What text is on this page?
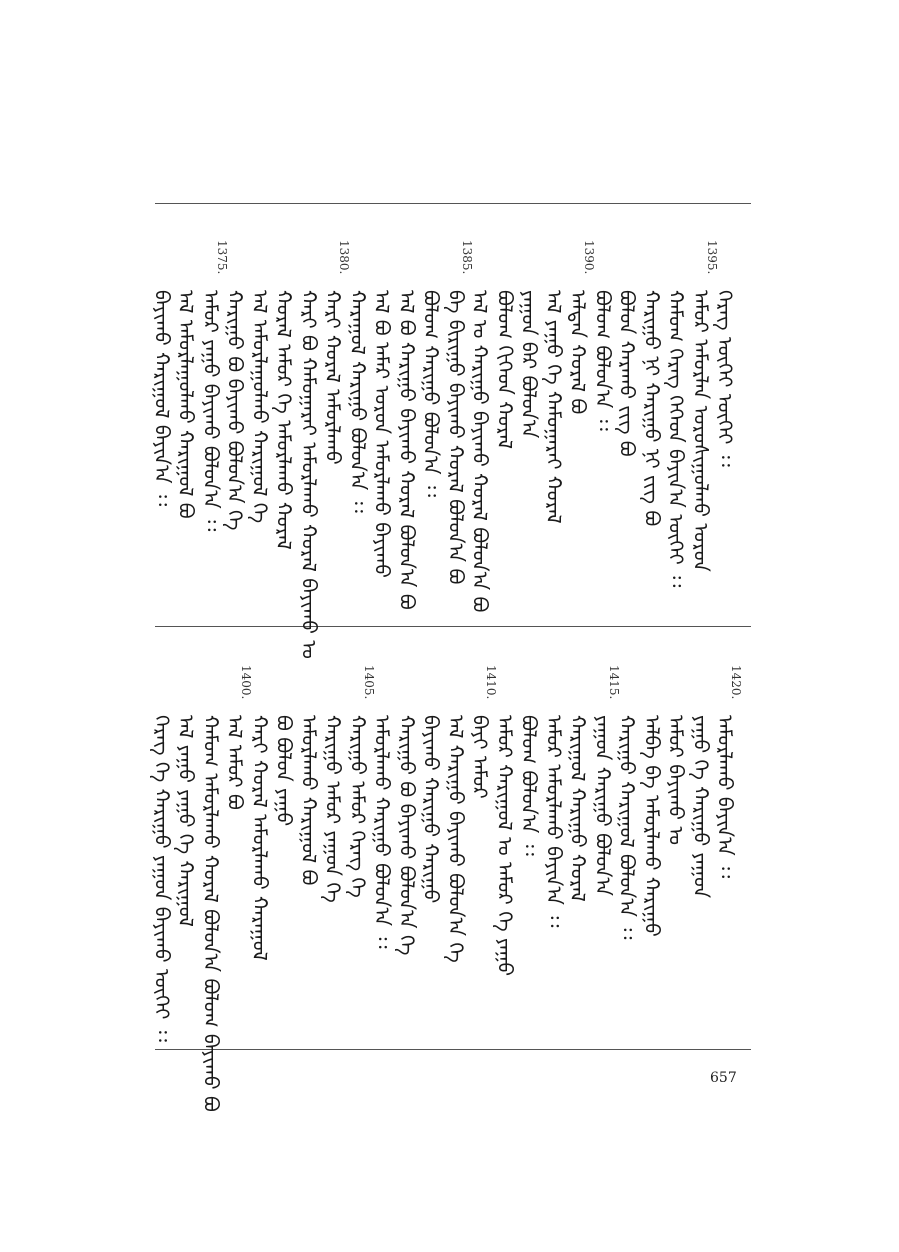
ᠬᠡᠷᠡᠭ ᠦᠭᠡᠢ ᠦᠭᠡᠢ ᠄᠄
1395.
ᠠᠮᠤᠷ ᠠᠮᠤᠷᠯᠠᠨ ᠣᠷᠤᠰᠢᠭᠤᠯᠬᠤ ᠣᠷᠤᠨ
ᠬᠠᠮᠤᠭ ᠬᠡᠷᠡᠭ ᠬᠡᠭᠡᠳ ᠪᠠᠶᠢᠨ᠎ᠠ ᠦᠭᠡᠢ ᠄᠄
ᠬᠠᠷᠢᠭᠤ ᠨᠢ ᠬᠠᠷᠢᠭᠤ ᠨᠢ ᠵᠢᠭ ᠪᠣ
ᠪᠣᠯᠤᠨ ᠬᠠᠷᠠᠬᠤ ᠵᠢᠭ ᠪᠣ
ᠪᠣᠯᠤᠭ ᠪᠣᠯᠤᠨ᠎ᠠ ᠄᠄
1390.
ᠠᠯᠳᠠᠨ ᠬᠤᠷᠠᠯ ᠪᠣ
ᠠᠯ ᠶᠠᠭᠤ ᠬᠡ ᠬᠠᠮᠤᠭᠠᠷᠠᠢ ᠬᠤᠷᠠᠯ
ᠶᠠᠭᠤᠨ ᠪᠠᠷ ᠪᠣᠯᠤᠨ᠎ᠠ
ᠪᠣᠯᠤᠭ ᠬᠢᠭᠡᠳ ᠬᠤᠷᠠᠯ
ᠠᠯ ᠣ ᠬᠠᠷᠢᠭᠤ ᠪᠠᠶᠢᠬᠤ ᠬᠤᠷᠠᠯ ᠪᠣᠯᠤᠨ᠎ᠠ ᠪᠣ
1385.
ᠪᠠ ᠪᠢᠷᠢᠭᠤ ᠪᠠᠶᠢᠬᠤ ᠬᠤᠷᠠᠯ ᠪᠣᠯᠤᠨ᠎ᠠ ᠪᠣ
ᠪᠣᠯᠤᠭ ᠬᠠᠷᠢᠭᠤ ᠪᠣᠯᠤᠨ᠎ᠠ ᠄᠄
ᠠᠯ ᠪᠣ ᠬᠠᠷᠢᠭᠤ ᠪᠠᠶᠢᠬᠤ ᠬᠤᠷᠠᠯ ᠪᠣᠯᠤᠨ᠎ᠠ ᠪᠣ
ᠠᠯ ᠪᠣ ᠠᠮᠠᠷ ᠣᠷᠤᠨ ᠠᠮᠤᠷᠯᠠᠬᠤ ᠪᠠᠶᠢᠬᠤ
ᠬᠠᠷᠠᠭᠤᠯ ᠬᠠᠷᠢᠭᠤ ᠪᠣᠯᠤᠨ᠎ᠠ ᠄᠄
1380.
ᠬᠠᠷᠢ ᠬᠤᠷᠠᠯ ᠠᠮᠤᠷᠯᠠᠬᠤ
ᠬᠠᠷᠢ ᠪᠣ ᠬᠠᠮᠤᠭᠠᠷᠠᠢ ᠠᠮᠤᠷᠯᠠᠬᠤ ᠬᠤᠷᠠᠯ ᠪᠠᠶᠢᠬᠤ ᠣ
ᠬᠤᠷᠠᠯ ᠠᠮᠤᠷ ᠬᠡ ᠠᠮᠤᠷᠯᠠᠬᠤ ᠬᠤᠷᠠᠯ
ᠠᠯ ᠠᠮᠤᠷᠯᠠᠭᠤᠯᠬᠤ ᠬᠠᠷᠢᠭᠤᠯ ᠬᠡ
ᠬᠠᠷᠢᠭᠤ ᠪᠣ ᠪᠠᠶᠢᠬᠤ ᠪᠣᠯᠤᠨ᠎ᠠ ᠬᠡ
1375.
ᠠᠮᠤᠷ ᠶᠠᠭᠤ ᠪᠠᠶᠢᠬᠤ ᠪᠣᠯᠤᠨ᠎ᠠ ᠄᠄
ᠠᠯ ᠠᠮᠤᠷᠯᠠᠭᠤᠯᠬᠤ ᠬᠠᠷᠢᠭᠤᠯ ᠪᠣ
ᠪᠠᠶᠢᠬᠤ ᠬᠠᠷᠢᠭᠤᠯ ᠪᠠᠶᠢᠨ᠎ᠠ ᠄᠄
1420.
ᠠᠮᠤᠷᠯᠠᠬᠤ ᠪᠠᠶᠢᠨ᠎ᠠ ᠄᠄
ᠶᠠᠭᠤ ᠬᠡ ᠬᠠᠷᠢᠭᠤ ᠶᠠᠭᠤᠨ
ᠠᠮᠤᠷ ᠪᠠᠶᠢᠬᠤ ᠣ
ᠠᠯᠪᠠ ᠪᠠ ᠠᠮᠤᠷᠯᠠᠬᠤ ᠬᠠᠷᠢᠭᠤ
ᠬᠠᠷᠢᠭᠤ ᠬᠠᠷᠢᠭᠤᠯ ᠪᠣᠯᠤᠨ᠎ᠠ ᠄᠄
1415.
ᠶᠠᠭᠤᠨ ᠬᠠᠷᠢᠭᠤ ᠪᠣᠯᠤᠨ᠎ᠠ
ᠬᠠᠷᠢᠭᠤᠯ ᠬᠠᠷᠢᠭᠤ ᠬᠤᠷᠠᠯ
ᠠᠮᠤᠷ ᠠᠮᠤᠷᠯᠠᠬᠤ ᠪᠠᠶᠢᠨ᠎ᠠ ᠄᠄
ᠪᠣᠯᠤᠭ ᠪᠣᠯᠤᠨ᠎ᠠ ᠄᠄
ᠠᠮᠤᠷ ᠬᠠᠷᠢᠭᠤᠯ ᠣ ᠠᠮᠤᠷ ᠬᠡ ᠶᠠᠭᠤ
1410.
ᠪᠠᠶᠢ ᠠᠮᠤᠷ
ᠠᠯ ᠬᠠᠷᠢᠭᠤ ᠪᠠᠶᠢᠬᠤ ᠪᠣᠯᠤᠨ᠎ᠠ ᠬᠡ
ᠪᠠᠶᠢᠬᠤ ᠬᠠᠷᠢᠭᠤ ᠬᠠᠷᠢᠭᠤ
ᠬᠠᠷᠢᠭᠤ ᠪᠣ ᠪᠠᠶᠢᠬᠤ ᠪᠣᠯᠤᠨ᠎ᠠ ᠬᠡ
ᠠᠮᠤᠷᠯᠠᠬᠤ ᠬᠠᠷᠢᠭᠤ ᠪᠣᠯᠤᠨ᠎ᠠ ᠄᠄
1405.
ᠬᠠᠷᠢᠭᠤ ᠠᠮᠤᠷ ᠬᠡᠷᠡᠭ ᠬᠡ
ᠬᠠᠷᠢᠭᠤ ᠠᠮᠤᠷ ᠶᠠᠭᠤᠨ ᠬᠡ
ᠠᠮᠤᠷᠯᠠᠬᠤ ᠬᠠᠷᠢᠭᠤᠯ ᠪᠣ
ᠪᠣ ᠪᠣᠯᠤᠨ ᠶᠠᠭᠤ
ᠬᠠᠷᠢ ᠬᠤᠷᠠᠯ ᠠᠮᠤᠷᠯᠠᠬᠤ ᠬᠠᠷᠠᠭᠤᠯ
1400.
ᠠᠯ ᠠᠮᠤᠷ ᠪᠣ
ᠬᠠᠮᠤᠭ ᠠᠮᠤᠷᠯᠠᠬᠤ ᠬᠤᠷᠠᠯ ᠪᠣᠯᠤᠨ᠎ᠠ ᠪᠣᠯᠤᠭ ᠪᠠᠶᠢᠬᠤ ᠪᠣ
ᠠᠯ ᠶᠠᠭᠤ ᠶᠠᠭᠤ ᠬᠡ ᠬᠠᠷᠢᠭᠤᠯ
ᠬᠡᠷᠡᠭ ᠬᠡ ᠬᠠᠷᠢᠭᠤ ᠶᠠᠭᠤᠨ ᠪᠠᠶᠢᠬᠤ ᠦᠭᠡᠢ ᠄᠄
657
